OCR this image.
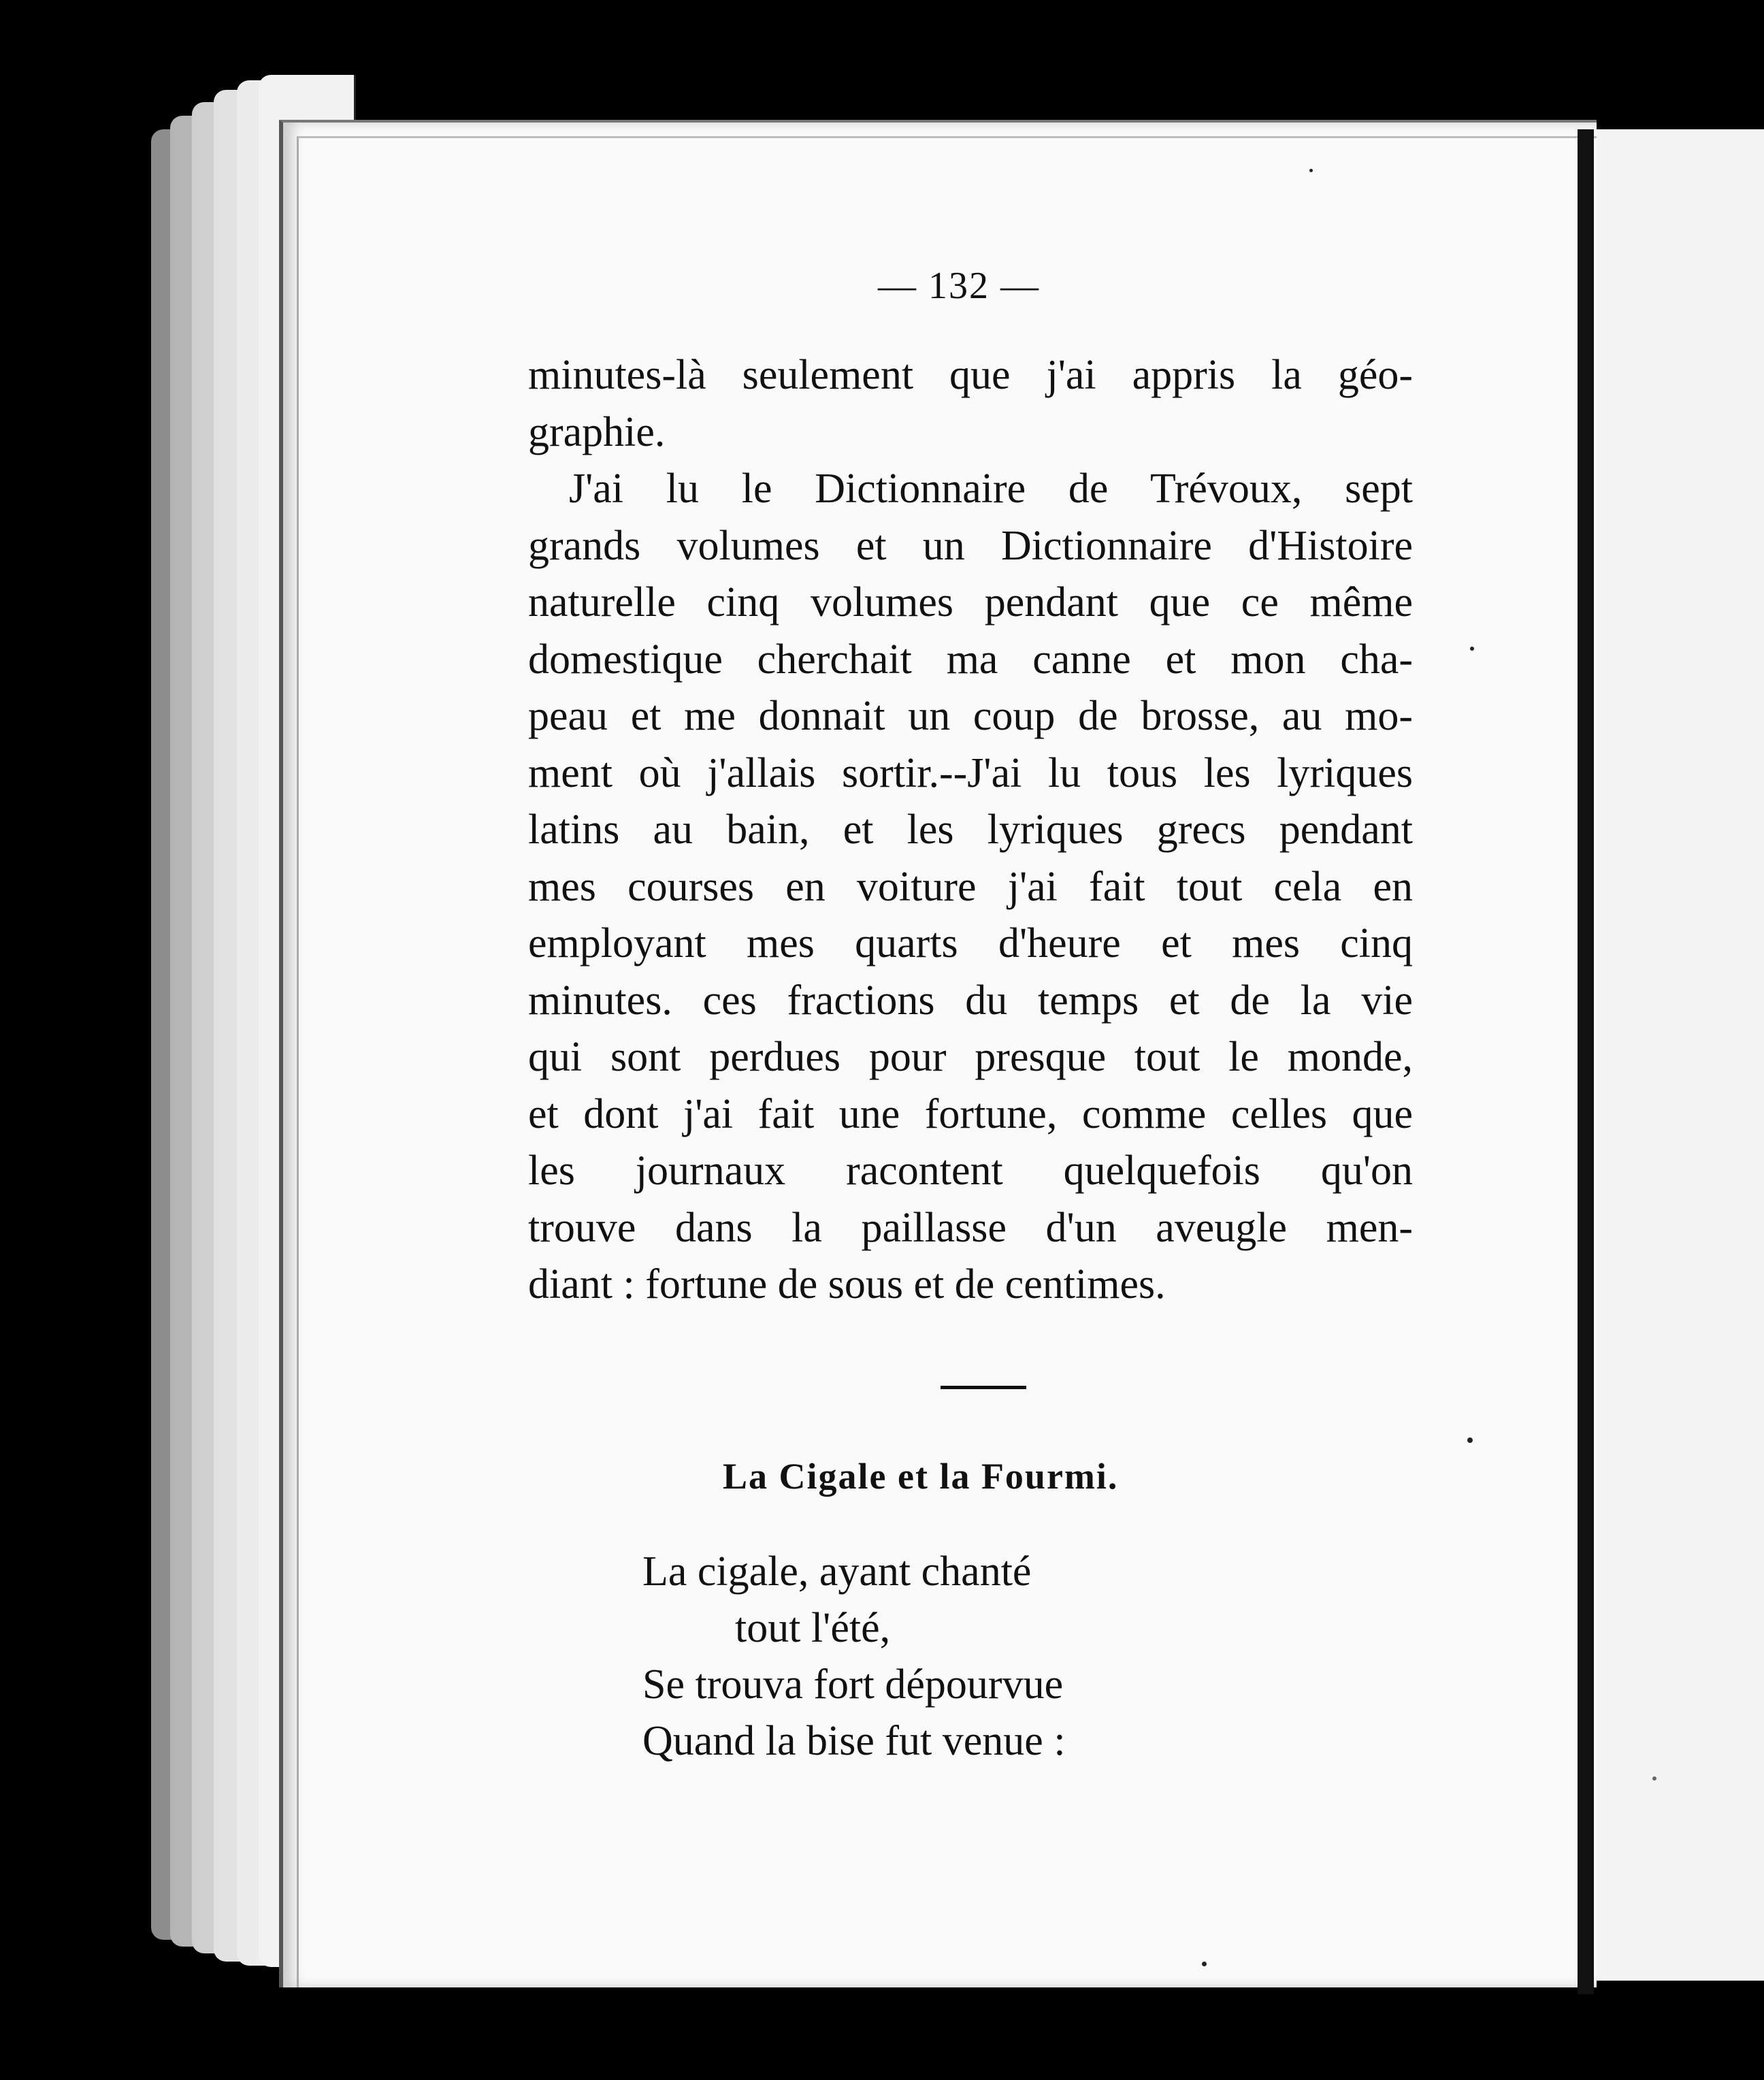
— 132 —
minutes-là seulement que j'ai appris la géo-
graphie.
J'ai lu le Dictionnaire de Trévoux, sept
grands volumes et un Dictionnaire d'Histoire
naturelle cinq volumes pendant que ce même
domestique cherchait ma canne et mon cha-
peau et me donnait un coup de brosse, au mo-
ment où j'allais sortir.--J'ai lu tous les lyriques
latins au bain, et les lyriques grecs pendant
mes courses en voiture j'ai fait tout cela en
employant mes quarts d'heure et mes cinq
minutes. ces fractions du temps et de la vie
qui sont perdues pour presque tout le monde,
et dont j'ai fait une fortune, comme celles que
les journaux racontent quelquefois qu'on
trouve dans la paillasse d'un aveugle men-
diant : fortune de sous et de centimes.
La Cigale et la Fourmi.
La cigale, ayant chanté
tout l'été,
Se trouva fort dépourvue
Quand la bise fut venue :
